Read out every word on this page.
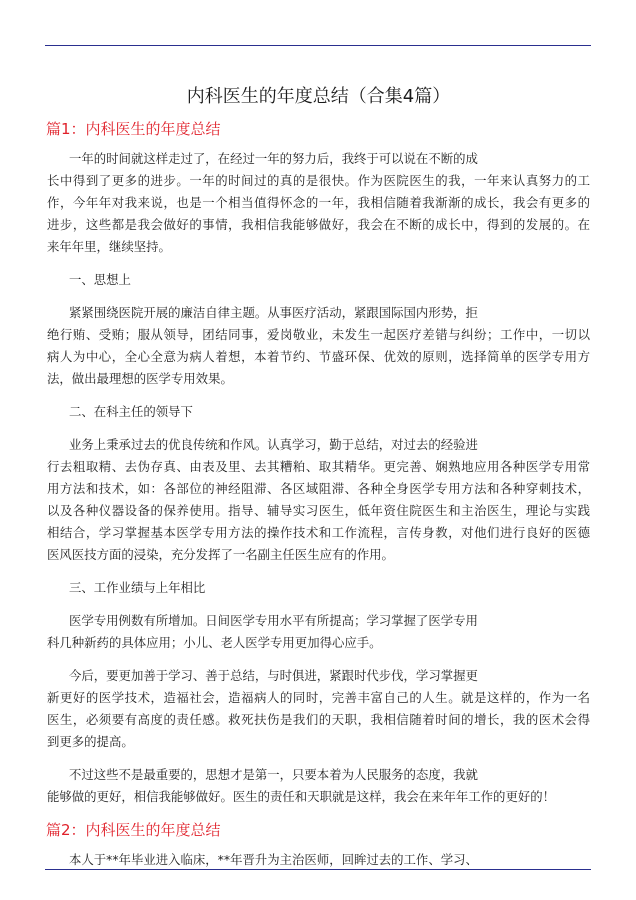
内科医生的年度总结（合集4篇）
篇1：内科医生的年度总结
一年的时间就这样走过了，在经过一年的努力后，我终于可以说在不断的成
长中得到了更多的进步。一年的时间过的真的是很快。作为医院医生的我，一年来认真努力的工
作，今年年对我来说，也是一个相当值得怀念的一年，我相信随着我渐渐的成长，我会有更多的
进步，这些都是我会做好的事情，我相信我能够做好，我会在不断的成长中，得到的发展的。在
来年年里，继续坚持。
一、思想上
紧紧围绕医院开展的廉洁自律主题。从事医疗活动，紧跟国际国内形势，拒
绝行贿、受贿；服从领导，团结同事，爱岗敬业，未发生一起医疗差错与纠纷；工作中，一切以
病人为中心，全心全意为病人着想，本着节约、节盛环保、优效的原则，选择简单的医学专用方
法，做出最理想的医学专用效果。
二、在科主任的领导下
业务上秉承过去的优良传统和作风。认真学习，勤于总结，对过去的经验进
行去粗取精、去伪存真、由表及里、去其糟粕、取其精华。更完善、娴熟地应用各种医学专用常
用方法和技术，如：各部位的神经阻滞、各区域阻滞、各种全身医学专用方法和各种穿刺技术，
以及各种仪器设备的保养使用。指导、辅导实习医生，低年资住院医生和主治医生，理论与实践
相结合，学习掌握基本医学专用方法的操作技术和工作流程，言传身教，对他们进行良好的医德
医风医技方面的浸染，充分发挥了一名副主任医生应有的作用。
三、工作业绩与上年相比
医学专用例数有所增加。日间医学专用水平有所提高；学习掌握了医学专用
科几种新药的具体应用；小儿、老人医学专用更加得心应手。
今后，要更加善于学习、善于总结，与时俱进，紧跟时代步伐，学习掌握更
新更好的医学技术，造福社会，造福病人的同时，完善丰富自己的人生。就是这样的，作为一名
医生，必须要有高度的责任感。救死扶伤是我们的天职，我相信随着时间的增长，我的医术会得
到更多的提高。
不过这些不是最重要的，思想才是第一，只要本着为人民服务的态度，我就
能够做的更好，相信我能够做好。医生的责任和天职就是这样，我会在来年年工作的更好的！
篇2：内科医生的年度总结
本人于**年毕业进入临床，**年晋升为主治医师，回眸过去的工作、学习、
